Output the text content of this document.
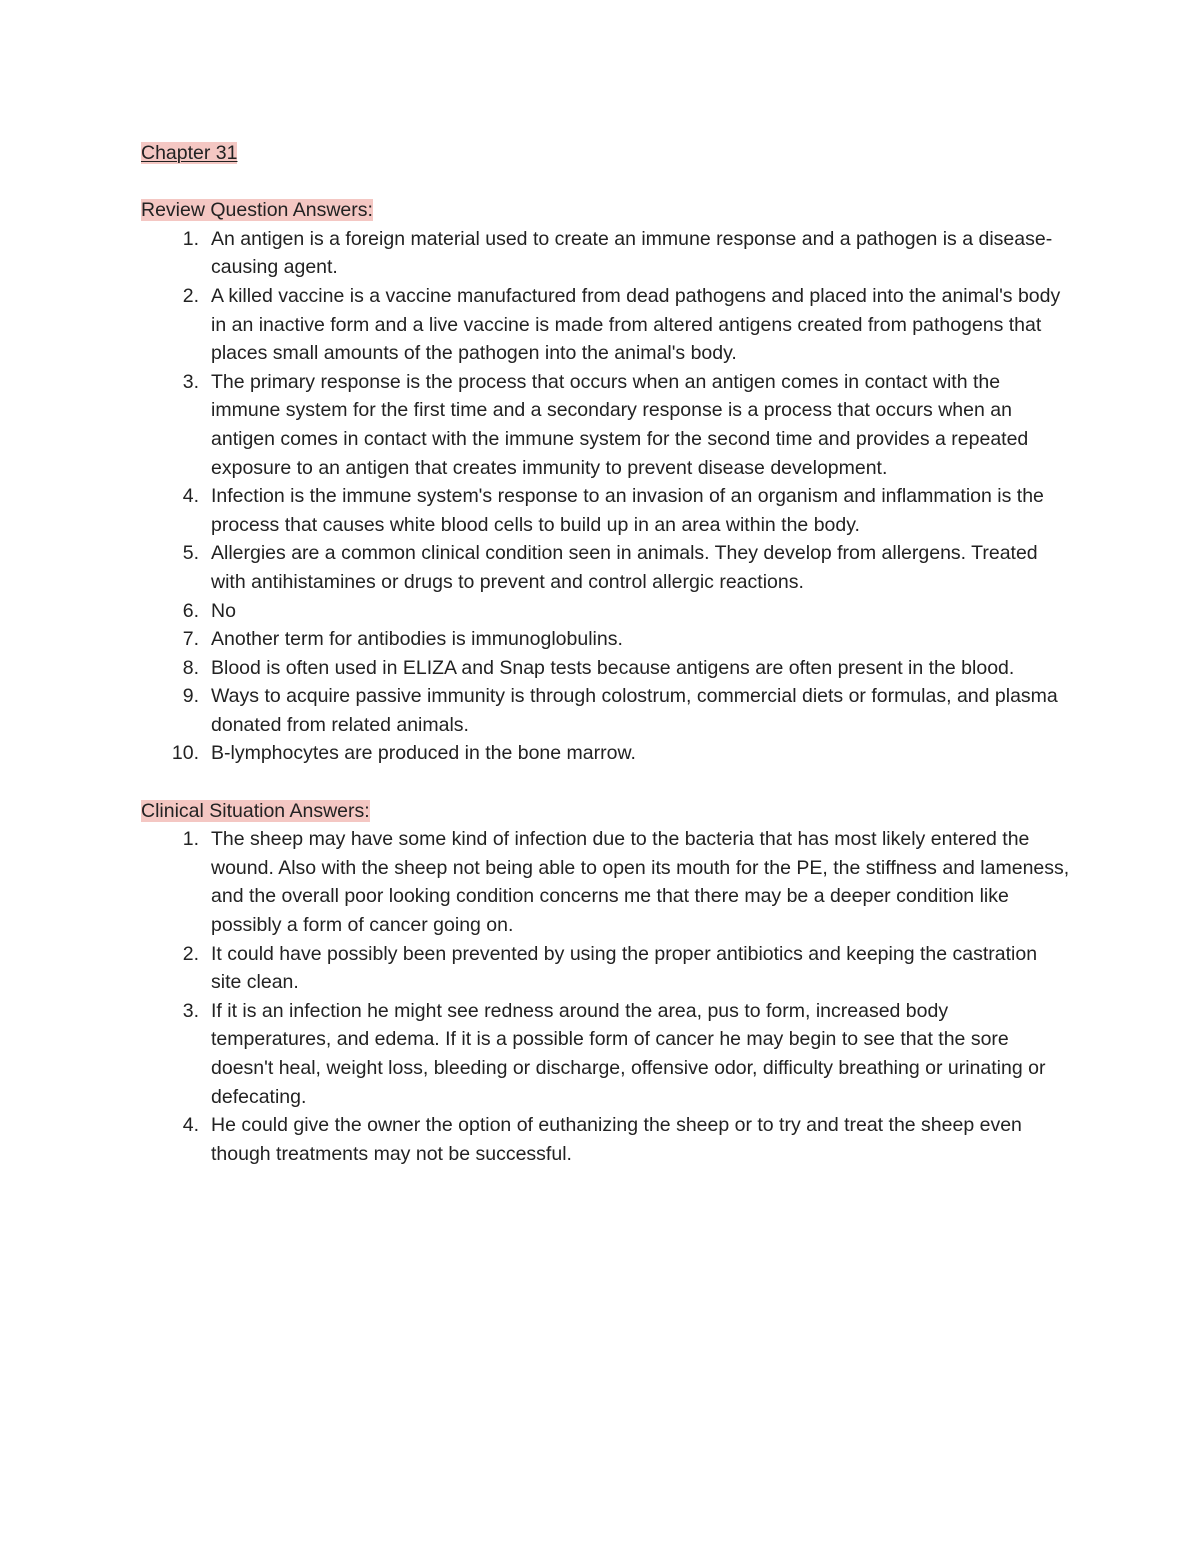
Chapter 31
Review Question Answers:
1. An antigen is a foreign material used to create an immune response and a pathogen is a disease-causing agent.
2. A killed vaccine is a vaccine manufactured from dead pathogens and placed into the animal's body in an inactive form and a live vaccine is made from altered antigens created from pathogens that places small amounts of the pathogen into the animal's body.
3. The primary response is the process that occurs when an antigen comes in contact with the immune system for the first time and a secondary response is a process that occurs when an antigen comes in contact with the immune system for the second time and provides a repeated exposure to an antigen that creates immunity to prevent disease development.
4. Infection is the immune system's response to an invasion of an organism and inflammation is the process that causes white blood cells to build up in an area within the body.
5. Allergies are a common clinical condition seen in animals. They develop from allergens. Treated with antihistamines or drugs to prevent and control allergic reactions.
6. No
7. Another term for antibodies is immunoglobulins.
8. Blood is often used in ELIZA and Snap tests because antigens are often present in the blood.
9. Ways to acquire passive immunity is through colostrum, commercial diets or formulas, and plasma donated from related animals.
10. B-lymphocytes are produced in the bone marrow.
Clinical Situation Answers:
1. The sheep may have some kind of infection due to the bacteria that has most likely entered the wound. Also with the sheep not being able to open its mouth for the PE, the stiffness and lameness, and the overall poor looking condition concerns me that there may be a deeper condition like possibly a form of cancer going on.
2. It could have possibly been prevented by using the proper antibiotics and keeping the castration site clean.
3. If it is an infection he might see redness around the area, pus to form, increased body temperatures, and edema. If it is a possible form of cancer he may begin to see that the sore doesn't heal, weight loss, bleeding or discharge, offensive odor, difficulty breathing or urinating or defecating.
4. He could give the owner the option of euthanizing the sheep or to try and treat the sheep even though treatments may not be successful.
